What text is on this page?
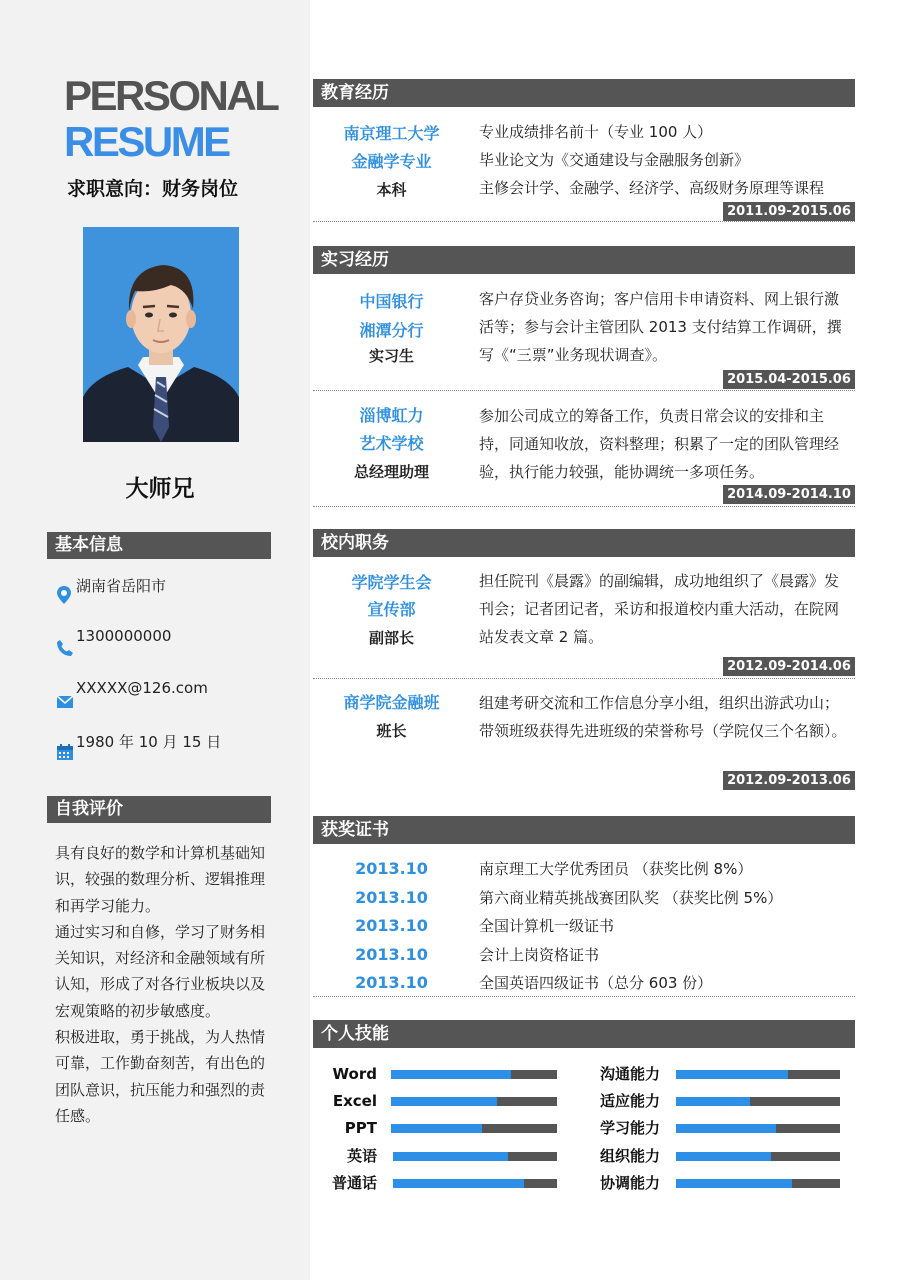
PERSONAL
RESUME
求职意向：财务岗位
大师兄
基本信息
湖南省岳阳市
1300000000
XXXXX@126.com
1980 年 10 月 15 日
自我评价

具有良好的数学和计算机基础知识，较强的数理分析、逻辑推理和再学习能力。

通过实习和自修，学习了财务相关知识，对经济和金融领域有所认知，形成了对各行业板块以及宏观策略的初步敏感度。

积极进取，勇于挑战，为人热情可靠，工作勤奋刻苦，有出色的团队意识，抗压能力和强烈的责任感。

教育经历
南京理工大学
金融学专业
本科
专业成绩排名前十（专业 100 人）
毕业论文为《交通建设与金融服务创新》
主修会计学、金融学、经济学、高级财务原理等课程
2011.09-2015.06
实习经历
中国银行
湘潭分行
实习生
客户存贷业务咨询；客户信用卡申请资料、网上银行激活等；参与会计主管团队 2013 支付结算工作调研，撰写《“三票”业务现状调查》。
2015.04-2015.06
淄博虹力
艺术学校
总经理助理
参加公司成立的筹备工作，负责日常会议的安排和主持，同通知收放，资料整理；积累了一定的团队管理经验，执行能力较强，能协调统一多项任务。
2014.09-2014.10
校内职务
学院学生会
宣传部
副部长
担任院刊《晨露》的副编辑，成功地组织了《晨露》发刊会；记者团记者，采访和报道校内重大活动，在院网站发表文章 2 篇。
2012.09-2014.06
商学院金融班
班长
组建考研交流和工作信息分享小组，组织出游武功山；带领班级获得先进班级的荣誉称号（学院仅三个名额）。
2012.09-2013.06
获奖证书
2013.10	南京理工大学优秀团员 （获奖比例 8%）
2013.10	第六商业精英挑战赛团队奖 （获奖比例 5%）
2013.10	全国计算机一级证书
2013.10	会计上岗资格证书
2013.10	全国英语四级证书（总分 603 份）
个人技能
Word
Excel
PPT
英语
普通话
沟通能力
适应能力
学习能力
组织能力
协调能力
